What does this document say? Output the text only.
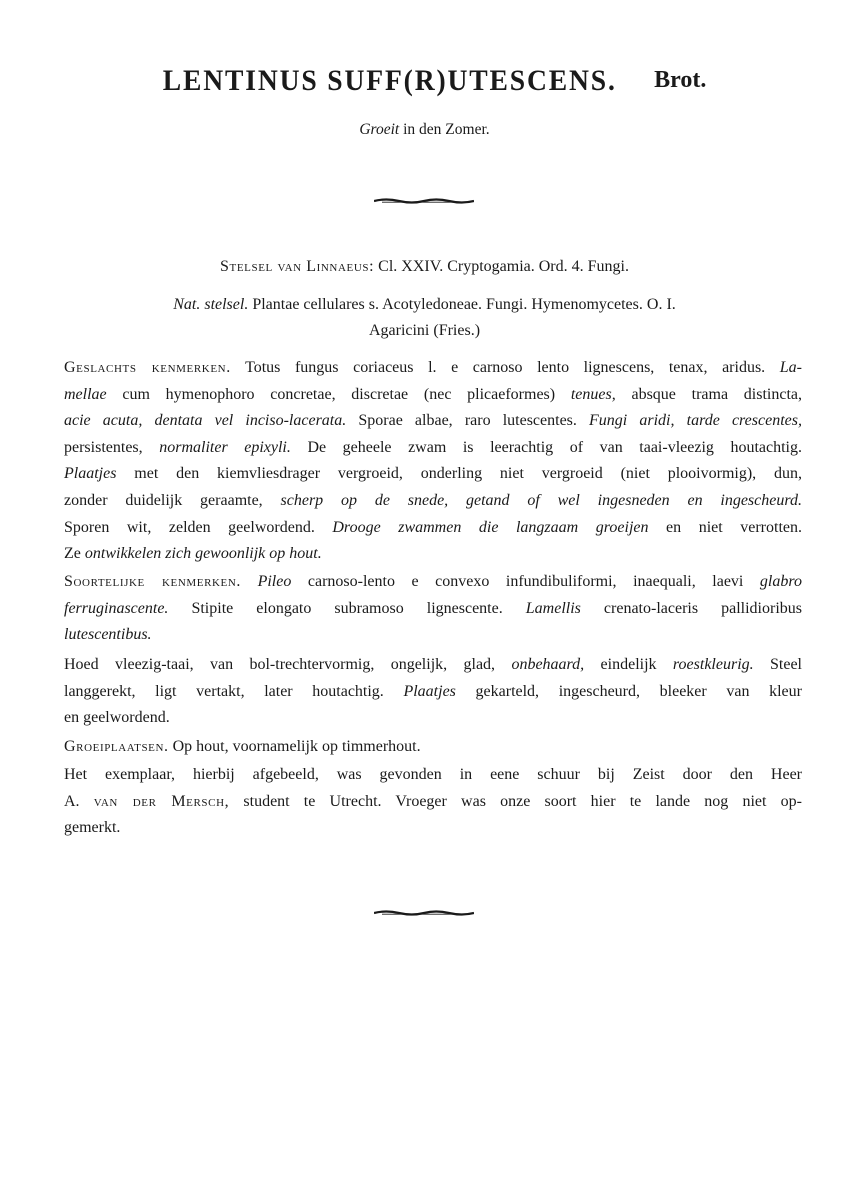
LENTINUS SUFF(R)UTESCENS. Brot.
Groeit in den Zomer.
Stelsel van Linnaeus: Cl. XXIV. Cryptogamia. Ord. 4. Fungi.
Nat. stelsel. Plantae cellulares s. Acotyledoneae. Fungi. Hymenomycetes. O. I.
Agaricini (Fries.)
Geslachts kenmerken. Totus fungus coriaceus l. e carnoso lento lignescens, tenax, aridus. La-
mellae cum hymenophoro concretae, discretae (nec plicaeformes) tenues, absque trama distincta,
acie acuta, dentata vel inciso-lacerata. Sporae albae, raro lutescentes. Fungi aridi, tarde crescentes,
persistentes, normaliter epixyli. De geheele zwam is leerachtig of van taai-vleezig houtachtig.
Plaatjes met den kiemvliesdrager vergroeid, onderling niet vergroeid (niet plooivormig), dun,
zonder duidelijk geraamte, scherp op de snede, getand of wel ingesneden en ingescheurd.
Sporen wit, zelden geelwordend. Drooge zwammen die langzaam groeijen en niet verrotten.
Ze ontwikkelen zich gewoonlijk op hout.
Soortelijke kenmerken. Pileo carnoso-lento e convexo infundibuliformi, inaequali, laevi glabro
ferruginascente. Stipite elongato subramoso lignescente. Lamellis crenato-laceris pallidioribus
lutescentibus.
Hoed vleezig-taai, van bol-trechtervormig, ongelijk, glad, onbehaard, eindelijk roestkleurig. Steel
langgerekt, ligt vertakt, later houtachtig. Plaatjes gekarteld, ingescheurd, bleeker van kleur
en geelwordend.
Groeiplaatsen. Op hout, voornamelijk op timmerhout.
Het exemplaar, hierbij afgebeeld, was gevonden in eene schuur bij Zeist door den Heer
A. van der Mersch, student te Utrecht. Vroeger was onze soort hier te lande nog niet op-
gemerkt.
